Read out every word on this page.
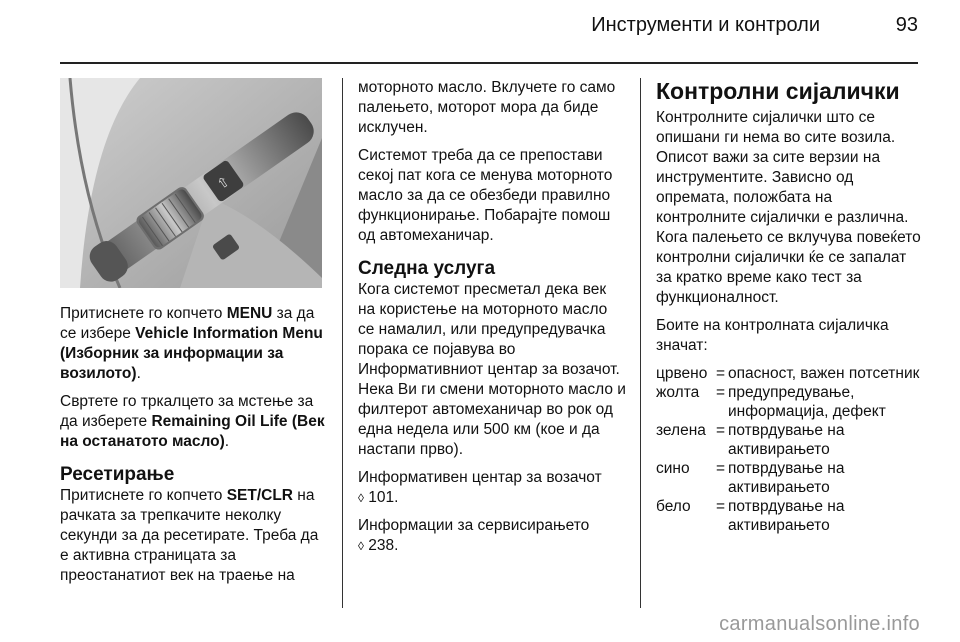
Инструменти и контроли	93
⇧

Притиснете го копчето MENU за да се избере Vehicle Information Menu (Изборник за информации за возилото).

Свртете го тркалцето за мстење за да изберете Remaining Oil Life (Век на останатото масло).

Ресетирање

Притиснете го копчето SET/CLR на рачката за трепкачите неколку секунди за да ресетирате. Треба да е активна страницата за преостанатиот век на траење на

моторното масло. Вклучете го само палењето, моторот мора да биде исклучен.

Системот треба да се препостави секој пат кога се менува моторното масло за да се обезбеди правилно функционирање. Побарајте помош од автомеханичар.

Следна услуга

Кога системот пресметал дека век на користење на моторното масло се намалил, или предупредувачка порака се појавува во Информативниот центар за возачот. Нека Ви ги смени моторното масло и филтерот автомеханичар во рок од една недела или 500 км (кое и да настапи прво).

Информативен центар за возачот
◊ 101.

Информации за сервисирањето
◊ 238.

Контролни сијалички

Контролните сијалички што се опишани ги нема во сите возила. Описот важи за сите верзии на инструментите. Зависно од опремата, положбата на контролните сијалички е различна. Кога палењето се вклучува повеќето контролни сијалички ќе се запалат за кратко време како тест за функционалност.

Боите на контролната сијаличка значат:

црвено = опасност, важен потсетник
жолта	= предупредување, информација, дефект
зелена = потврдување на активирањето
сино	= потврдување на активирањето
бело	= потврдување на активирањето
carmanualsonline.info
